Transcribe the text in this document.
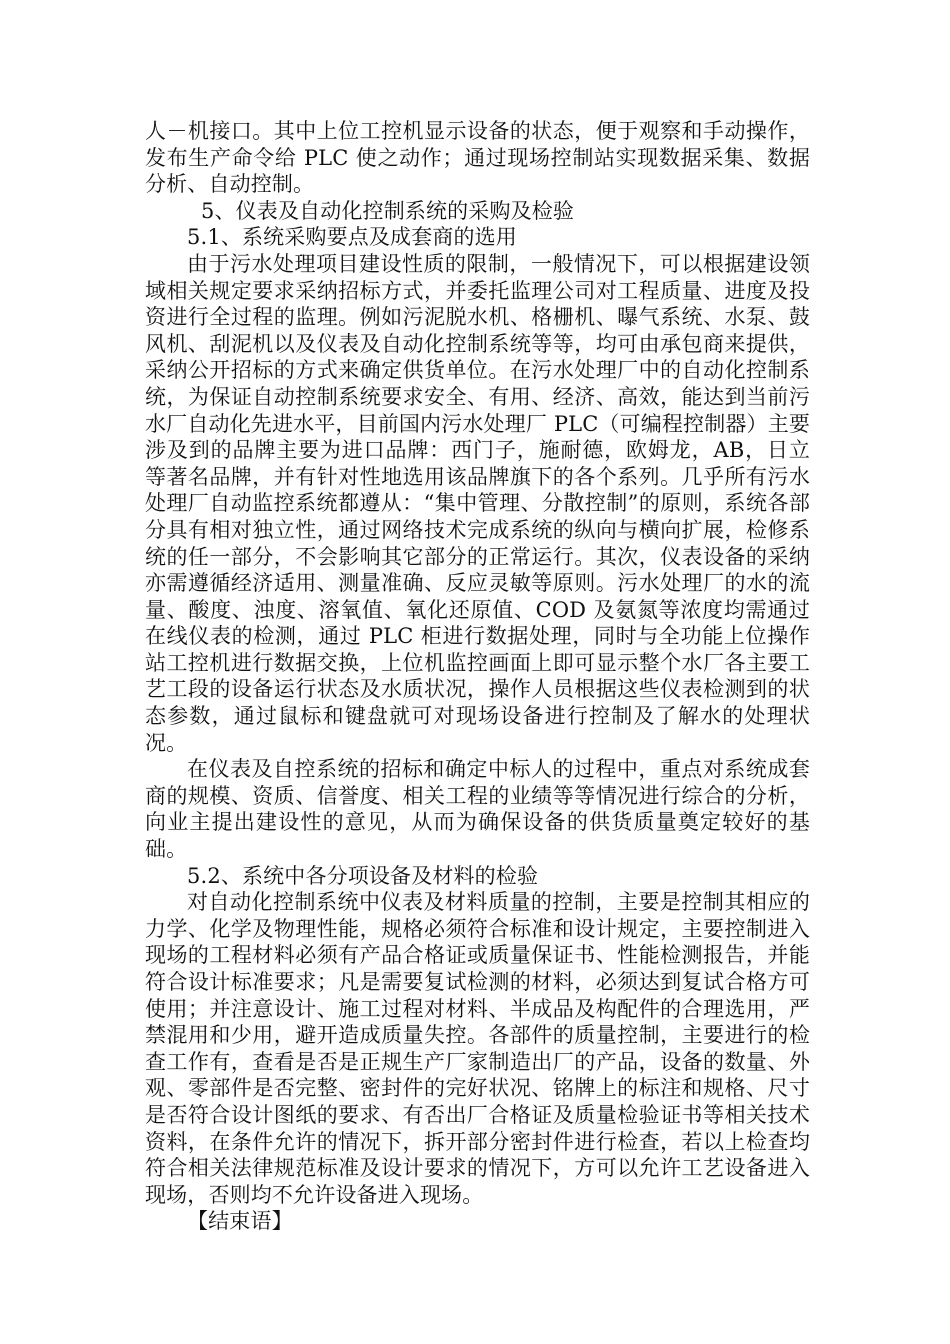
人－机接口。其中上位工控机显示设备的状态，便于观察和手动操作，发布生产命令给 PLC 使之动作；通过现场控制站实现数据采集、数据分析、自动控制。

5、仪表及自动化控制系统的采购及检验

5.1、系统采购要点及成套商的选用

由于污水处理项目建设性质的限制，一般情况下，可以根据建设领域相关规定要求采纳招标方式，并委托监理公司对工程质量、进度及投资进行全过程的监理。例如污泥脱水机、格栅机、曝气系统、水泵、鼓风机、刮泥机以及仪表及自动化控制系统等等，均可由承包商来提供，采纳公开招标的方式来确定供货单位。在污水处理厂中的自动化控制系统，为保证自动控制系统要求安全、有用、经济、高效，能达到当前污水厂自动化先进水平，目前国内污水处理厂 PLC（可编程控制器）主要涉及到的品牌主要为进口品牌：西门子，施耐德，欧姆龙，AB，日立等著名品牌，并有针对性地选用该品牌旗下的各个系列。几乎所有污水处理厂自动监控系统都遵从：“集中管理、分散控制”的原则，系统各部分具有相对独立性，通过网络技术完成系统的纵向与横向扩展，检修系统的任一部分，不会影响其它部分的正常运行。其次，仪表设备的采纳亦需遵循经济适用、测量准确、反应灵敏等原则。污水处理厂的水的流量、酸度、浊度、溶氧值、氧化还原值、COD 及氨氮等浓度均需通过在线仪表的检测，通过 PLC 柜进行数据处理，同时与全功能上位操作站工控机进行数据交换，上位机监控画面上即可显示整个水厂各主要工艺工段的设备运行状态及水质状况，操作人员根据这些仪表检测到的状态参数，通过鼠标和键盘就可对现场设备进行控制及了解水的处理状况。

在仪表及自控系统的招标和确定中标人的过程中，重点对系统成套商的规模、资质、信誉度、相关工程的业绩等等情况进行综合的分析，向业主提出建设性的意见，从而为确保设备的供货质量奠定较好的基础。

5.2、系统中各分项设备及材料的检验

对自动化控制系统中仪表及材料质量的控制，主要是控制其相应的力学、化学及物理性能，规格必须符合标准和设计规定，主要控制进入现场的工程材料必须有产品合格证或质量保证书、性能检测报告，并能符合设计标准要求；凡是需要复试检测的材料，必须达到复试合格方可使用；并注意设计、施工过程对材料、半成品及构配件的合理选用，严禁混用和少用，避开造成质量失控。各部件的质量控制，主要进行的检查工作有，查看是否是正规生产厂家制造出厂的产品，设备的数量、外观、零部件是否完整、密封件的完好状况、铭牌上的标注和规格、尺寸是否符合设计图纸的要求、有否出厂合格证及质量检验证书等相关技术资料，在条件允许的情况下，拆开部分密封件进行检查，若以上检查均符合相关法律规范标准及设计要求的情况下，方可以允许工艺设备进入现场，否则均不允许设备进入现场。

【结束语】
